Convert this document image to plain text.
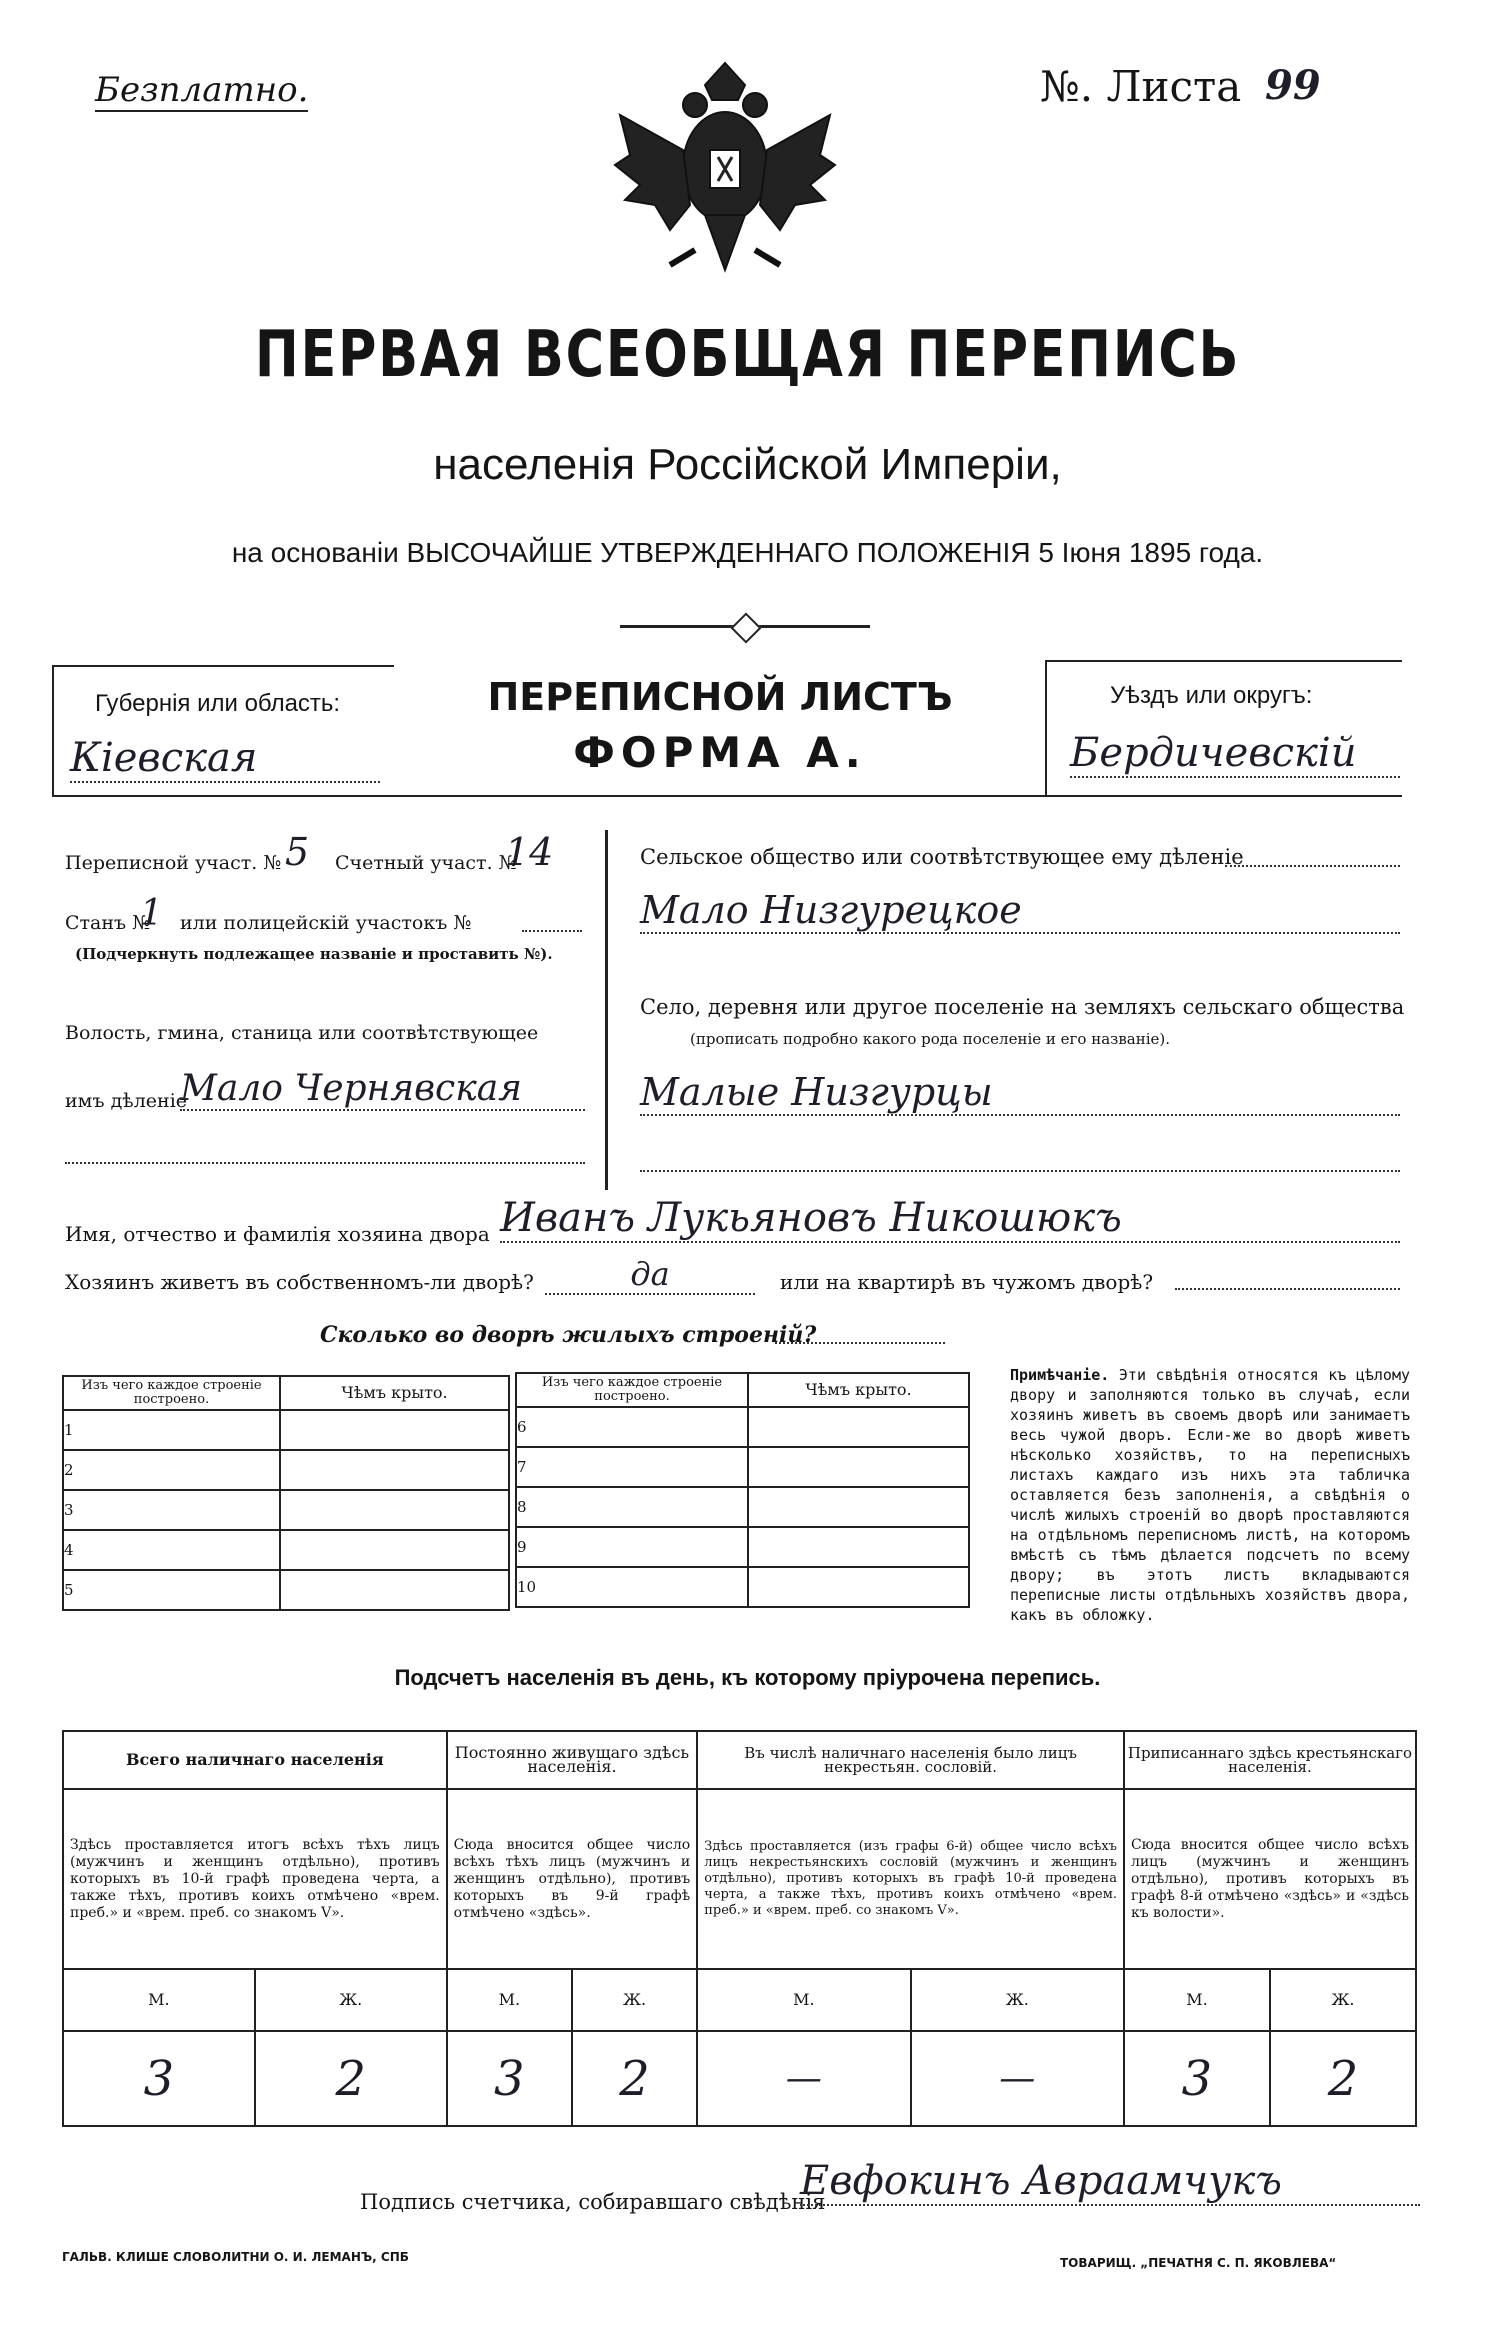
Безплатно.	№. Листа 99
ПЕРВАЯ ВСЕОБЩАЯ ПЕРЕПИСЬ
населенія Россійской Имперіи,
на основаніи ВЫСОЧАЙШЕ УТВЕРЖДЕННАГО ПОЛОЖЕНІЯ 5 Іюня 1895 года.
Губернія или область:
Кіевская
ПЕРЕПИСНОЙ ЛИСТЪ
ФОРМА А.
Уѣздъ или округъ:
Бердичевскій
Переписной участ. № 5 Счетный участ. №
14
Станъ №
1 или полицейскій участокъ №
(Подчеркнуть подлежащее названіе и проставить №).
Волость, гмина, станица или соотвѣтствующее
имъ дѣленіе
Мало Чернявская
Сельское общество или соотвѣтствующее ему дѣленіе
Мало Низгурецкое
Село, деревня или другое поселеніе на земляхъ сельскаго общества
(прописать подробно какого рода поселеніе и его названіе).
Малые Низгурцы
Имя, отчество и фамилія хозяина двора Иванъ Лукьяновъ Никошюкъ
Хозяинъ живетъ въ собственномъ-ли дворѣ?	да	или на квартирѣ въ чужомъ дворѣ?
Сколько во дворѣ жилыхъ строеній?
Изъ чего каждое строеніе построено.	Чѣмъ крыто.
1	
2	
3	
4	
5	
Изъ чего каждое строеніе построено.	Чѣмъ крыто.
6	
7	
8	
9	
10	
Примѣчаніе. Эти свѣдѣнія относятся къ цѣлому двору и заполняются только въ случаѣ, если хозяинъ живетъ въ своемъ дворѣ или занимаетъ весь чужой дворъ. Если-же во дворѣ живетъ нѣсколько хозяйствъ, то на переписныхъ листахъ каждаго изъ нихъ эта табличка оставляется безъ заполненія, а свѣдѣнія о числѣ жилыхъ строеній во дворѣ проставляются на отдѣльномъ переписномъ листѣ, на которомъ вмѣстѣ съ тѣмъ дѣлается подсчетъ по всему двору; въ этотъ листъ вкладываются переписные листы отдѣльныхъ хозяйствъ двора, какъ въ обложку.
Подсчетъ населенія въ день, къ которому пріурочена перепись.
Всего наличнаго населенія		Постоянно живущаго здѣсь населенія.		Въ числѣ наличнаго населенія было лицъ некрестьян. сословій.		Приписаннаго здѣсь крестьянскаго населенія.	
Здѣсь проставляется итогъ всѣхъ тѣхъ лицъ (мужчинъ и женщинъ отдѣльно), противъ которыхъ въ 10-й графѣ проведена черта, а также тѣхъ, противъ коихъ отмѣчено «врем. преб.» и «врем. преб. со знакомъ V».		Сюда вносится общее число всѣхъ тѣхъ лицъ (мужчинъ и женщинъ отдѣльно), противъ которыхъ въ 9-й графѣ отмѣчено «здѣсь».		Здѣсь проставляется (изъ графы 6-й) общее число всѣхъ лицъ некрестьянскихъ сословій (мужчинъ и женщинъ отдѣльно), противъ которыхъ въ графѣ 10-й проведена черта, а также тѣхъ, противъ коихъ отмѣчено «врем. преб.» и «врем. преб. со знакомъ V».		Сюда вносится общее число всѣхъ лицъ (мужчинъ и женщинъ отдѣльно), противъ которыхъ въ графѣ 8-й отмѣчено «здѣсь» и «здѣсь къ волости».	
М.	Ж.	М.	Ж.	М.	Ж.	М.	Ж.
3	2	3	2	—	—	3	2
Подпись счетчика, собиравшаго свѣдѣнія
Евфокинъ Авраамчукъ
ГАЛЬВ. КЛИШЕ СЛОВОЛИТНИ О. И. ЛЕМАНЪ, СПБ	ТОВАРИЩ. „ПЕЧАТНЯ С. П. ЯКОВЛЕВА“
